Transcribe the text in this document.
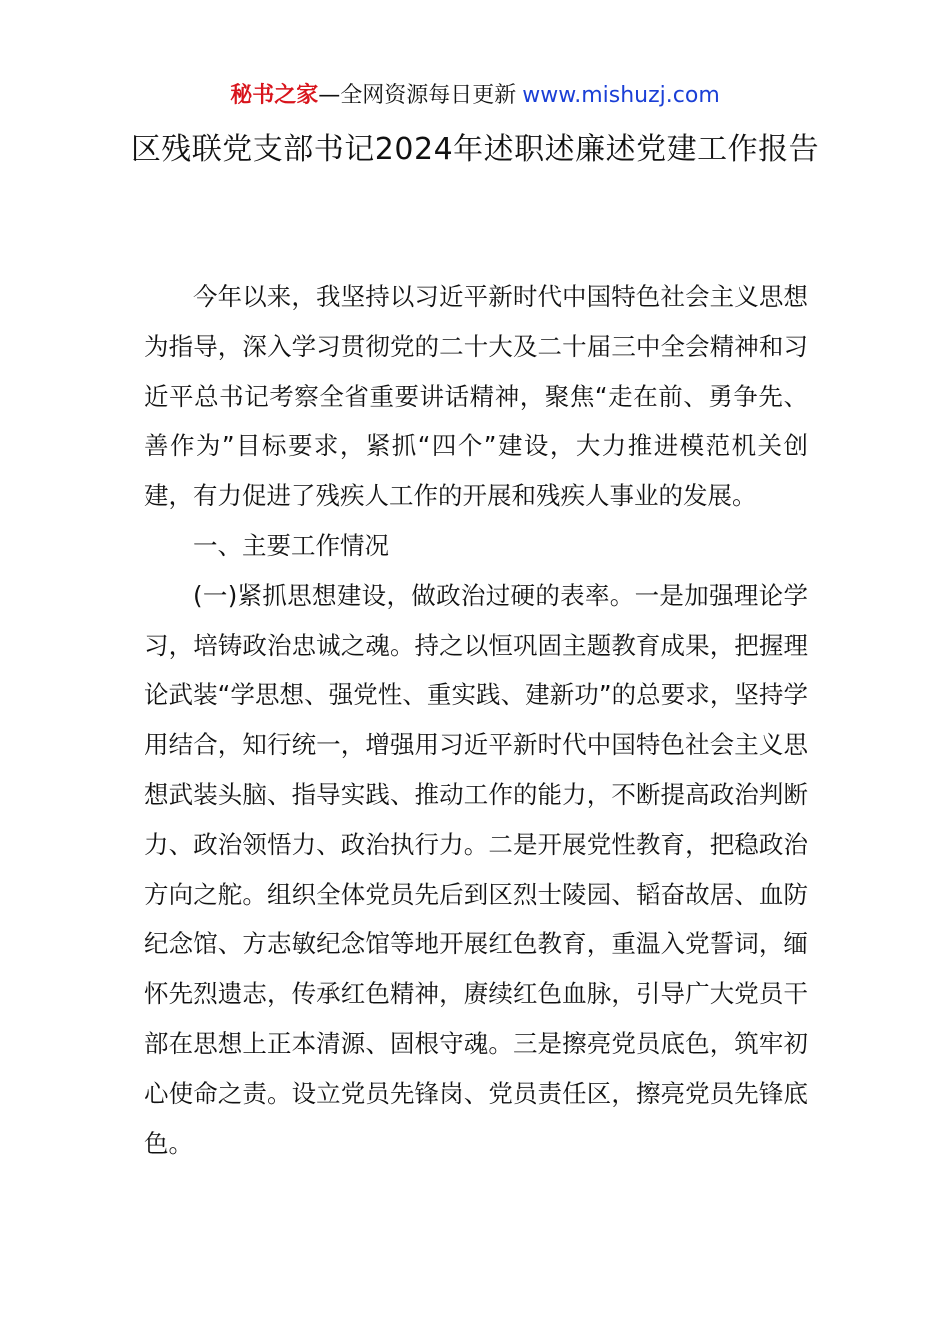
秘书之家—全网资源每日更新 www.mishuzj.com
区残联党支部书记2024年述职述廉述党建工作报告

今年以来，我坚持以习近平新时代中国特色社会主义思想为指导，深入学习贯彻党的二十大及二十届三中全会精神和习近平总书记考察全省重要讲话精神，聚焦“走在前、勇争先、善作为”目标要求，紧抓“四个”建设，大力推进模范机关创建，有力促进了残疾人工作的开展和残疾人事业的发展。

一、主要工作情况

(一)紧抓思想建设，做政治过硬的表率。一是加强理论学习，培铸政治忠诚之魂。持之以恒巩固主题教育成果，把握理论武装“学思想、强党性、重实践、建新功”的总要求，坚持学用结合，知行统一，增强用习近平新时代中国特色社会主义思想武装头脑、指导实践、推动工作的能力，不断提高政治判断力、政治领悟力、政治执行力。二是开展党性教育，把稳政治方向之舵。组织全体党员先后到区烈士陵园、韬奋故居、血防纪念馆、方志敏纪念馆等地开展红色教育，重温入党誓词，缅怀先烈遗志，传承红色精神，赓续红色血脉，引导广大党员干部在思想上正本清源、固根守魂。三是擦亮党员底色，筑牢初心使命之责。设立党员先锋岗、党员责任区，擦亮党员先锋底色。
